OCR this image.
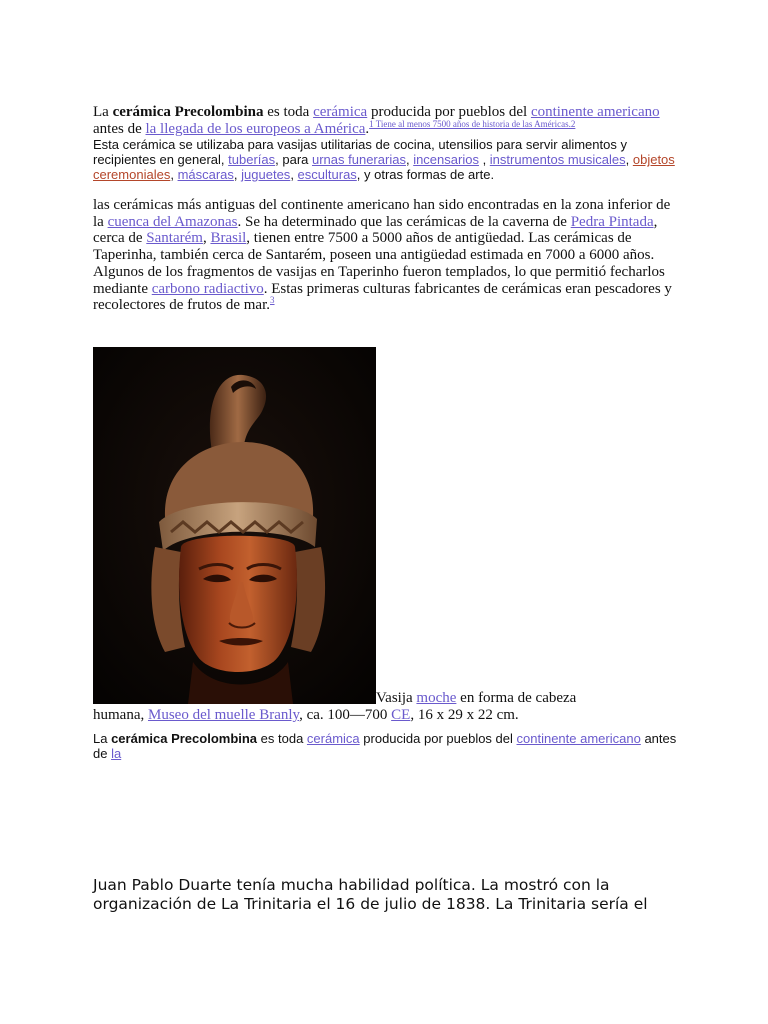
La cerámica Precolombina es toda cerámica producida por pueblos del continente americano antes de la llegada de los europeos a América.$^{1 Tiene al menos 7500 años de historia de las Américas.2}$
Esta cerámica se utilizaba para vasijas utilitarias de cocina, utensilios para servir alimentos y recipientes en general, tuberías, para urnas funerarias, incensarios , instrumentos musicales, objetos ceremoniales, máscaras, juguetes, esculturas, y otras formas de arte.
las cerámicas más antiguas del continente americano han sido encontradas en la zona inferior de la cuenca del Amazonas. Se ha determinado que las cerámicas de la caverna de Pedra Pintada, cerca de Santarém, Brasil, tienen entre 7500 a 5000 años de antigüedad. Las cerámicas de Taperinha, también cerca de Santarém, poseen una antigüedad estimada en 7000 a 6000 años. Algunos de los fragmentos de vasijas en Taperinho fueron templados, lo que permitió fecharlos mediante carbono radiactivo. Estas primeras culturas fabricantes de cerámicas eran pescadores y recolectores de frutos de mar.$^3$
Vasija moche en forma de cabeza
humana, Museo del muelle Branly, ca. 100—700 CE, 16 x 29 x 22 cm.
La cerámica Precolombina es toda cerámica producida por pueblos del continente americano antes de la
Juan Pablo Duarte tenía mucha habilidad política. La mostró con la organización de La Trinitaria el 16 de julio de 1838. La Trinitaria sería el
